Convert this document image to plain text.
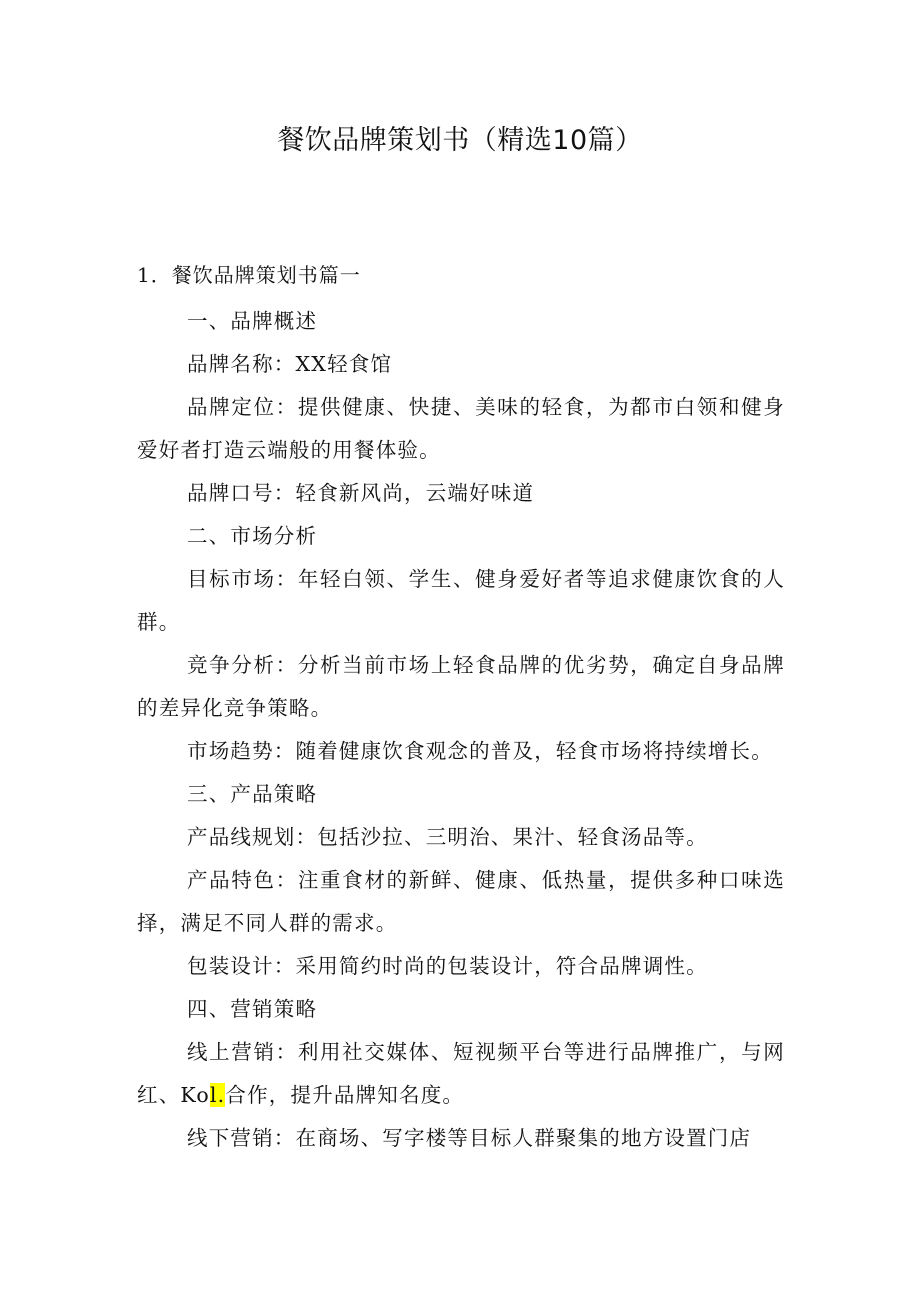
餐饮品牌策划书（精选10篇）
1．餐饮品牌策划书篇一

一、品牌概述

品牌名称：XX轻食馆

品牌定位：提供健康、快捷、美味的轻食，为都市白领和健身爱好者打造云端般的用餐体验。

品牌口号：轻食新风尚，云端好味道

二、市场分析

目标市场：年轻白领、学生、健身爱好者等追求健康饮食的人群。

竞争分析：分析当前市场上轻食品牌的优劣势，确定自身品牌的差异化竞争策略。

市场趋势：随着健康饮食观念的普及，轻食市场将持续增长。

三、产品策略

产品线规划：包括沙拉、三明治、果汁、轻食汤品等。

产品特色：注重食材的新鲜、健康、低热量，提供多种口味选择，满足不同人群的需求。

包装设计：采用简约时尚的包装设计，符合品牌调性。

四、营销策略

线上营销：利用社交媒体、短视频平台等进行品牌推广，与网红、Kol.合作，提升品牌知名度。

线下营销：在商场、写字楼等目标人群聚集的地方设置门店
